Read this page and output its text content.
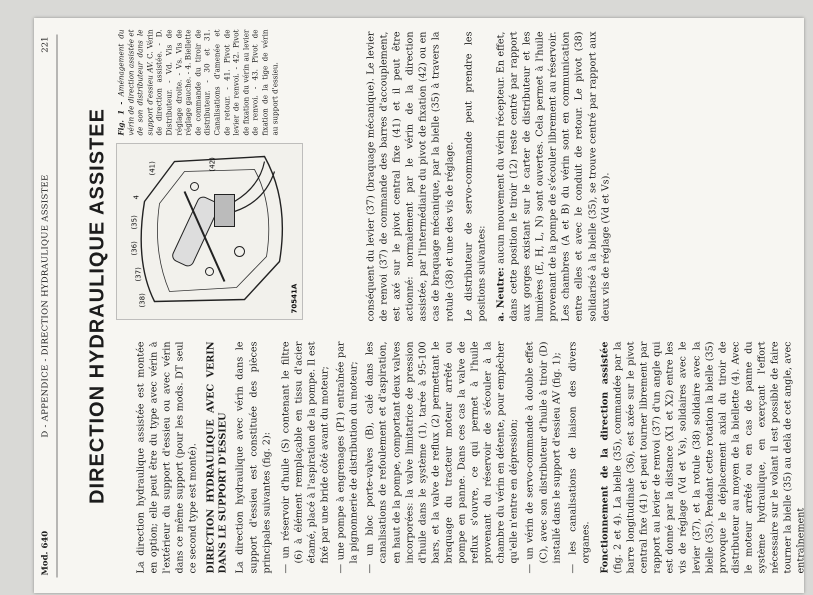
Mod. 640
D - APPENDICE - DIRECTION HYDRAULIQUE ASSISTEE
221
DIRECTION HYDRAULIQUE ASSISTEE	La direction hydraulique assistée est montée en option; elle peut être du type avec vérin à l'extérieur du support d'essieu ou avec vérin dans ce même support (pour les mods. DT seul ce second type est monté). DIRECTION HYDRAULIQUE AVEC VERIN DANS LE SUPPORT D'ESSIEU La direction hydraulique avec vérin dans le support d'essieu est constituée des pièces principales suivantes (fig. 2): — un réservoir d'huile (S) contenant le filtre (6) à élément remplaçable en tissu d'acier étamé, placé à l'aspiration de la pompe. Il est fixé par une bride côté avant du moteur; — une pompe à engrenages (P1) entraînée par la pignonnerie de distribution du moteur; — un bloc porte-valves (B), calé dans les canalisations de refoulement et d'aspiration, en haut de la pompe, comportant deux valves incorporées: la valve limitatrice de pression d'huile dans le système (1), tarée à 95-100 bars, et la valve de reflux (2) permettant le braquage du tracteur moteur arrêté ou pompe en panne. Dans ces cas la valve de reflux s'ouvre, ce qui permet à l'huile provenant du réservoir de s'écouler à la chambre du vérin en détente, pour empêcher qu'elle n'entre en dépression; — un vérin de servo-commande à double effet (C), avec son distributeur d'huile à tiroir (D) installé dans le support d'essieu AV (fig. 1); — les canalisations de liaison des divers organes. Fonctionnement de la direction assistée (fig. 2 et 4). La bielle (35), commandée par la barre longitudinale (36), est axée sur le pivot central fixe (41) et peut tourner librement par rapport au levier de renvoi (37) d'un angle qui est donné par la distance (X1 et X2) entre les vis de réglage (Vd et Vs), solidaires avec le levier (37), et la rotule (38) solidaire avec la bielle (35). Pendant cette rotation la bielle (35) provoque le déplacement axial du tiroir de distributeur au moyen de la biellette (4). Avec le moteur arrêté ou en cas de panne du système hydraulique, en exerçant l'effort nécessaire sur le volant il est possible de faire tourner la bielle (35) au delà de cet angle, avec entraînement

(38)
(37)
(36)
(35)
4
(41)	(42)
70541A
Fig. 1 - Aménagement du vérin de direction assistée et de son distributeur dans le support d'essieu AV. C. Vérin de direction assistée. - D. Distributeur. - Vd. Vis de réglage droite. - Vs. Vis de réglage gauche. - 4. Biellette de commande du tiroir de distributeur. - 30 et 31. Canalisations d'amenée et de retour. - 41. Pivot de levier de renvoi. - 42. Pivot de fixation du vérin au levier de renvoi. - 43. Pivot de fixation de la tige de vérin au support d'essieu.	conséquent du levier (37) (braquage mécanique). Le levier de renvoi (37) de commande des barres d'accouplement, est axé sur le pivot central fixe (41) et il peut être actionné: normalement par le vérin de la direction assistée, par l'intermédiaire du pivot de fixation (42) ou en cas de braquage mécanique, par la bielle (35) à travers la rotule (38) et une des vis de réglage. Le distributeur de servo-commande peut prendre les positions suivantes: a. Neutre: aucun mouvement du vérin récepteur. En effet, dans cette position le tiroir (12) reste centré par rapport aux gorges existant sur le carter de distributeur et les lumières (E, H, L, N) sont ouvertes. Cela permet à l'huile provenant de la pompe de s'écouler librement au réservoir. Les chambres (A et B) du vérin sont en communication entre elles et avec le conduit de retour. Le pivot (38) solidarisé à la bielle (35), se trouve centré par rapport aux deux vis de réglage (Vd et Vs).
